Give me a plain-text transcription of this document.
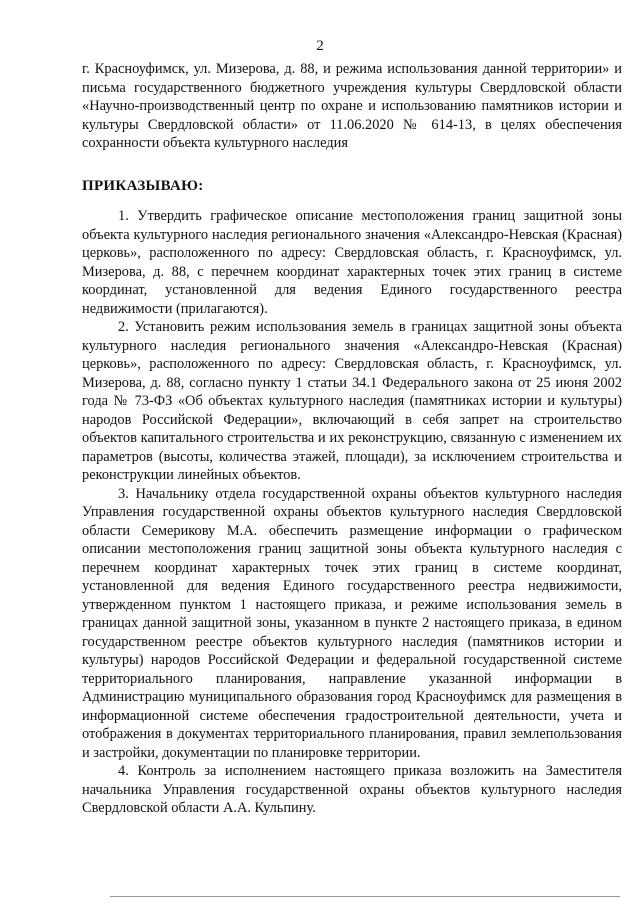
2

г. Красноуфимск, ул. Мизерова, д. 88, и режима использования данной территории» и письма государственного бюджетного учреждения культуры Свердловской области «Научно-производственный центр по охране и использованию памятников истории и культуры Свердловской области» от 11.06.2020 № 614-13, в целях обеспечения сохранности объекта культурного наследия

ПРИКАЗЫВАЮ:

1. Утвердить графическое описание местоположения границ защитной зоны объекта культурного наследия регионального значения «Александро-Невская (Красная) церковь», расположенного по адресу: Свердловская область, г. Красноуфимск, ул. Мизерова, д. 88, с перечнем координат характерных точек этих границ в системе координат, установленной для ведения Единого государственного реестра недвижимости (прилагаются).

2. Установить режим использования земель в границах защитной зоны объекта культурного наследия регионального значения «Александро-Невская (Красная) церковь», расположенного по адресу: Свердловская область, г. Красноуфимск, ул. Мизерова, д. 88, согласно пункту 1 статьи 34.1 Федерального закона от 25 июня 2002 года № 73-ФЗ «Об объектах культурного наследия (памятниках истории и культуры) народов Российской Федерации», включающий в себя запрет на строительство объектов капитального строительства и их реконструкцию, связанную с изменением их параметров (высоты, количества этажей, площади), за исключением строительства и реконструкции линейных объектов.

3. Начальнику отдела государственной охраны объектов культурного наследия Управления государственной охраны объектов культурного наследия Свердловской области Семерикову М.А. обеспечить размещение информации о графическом описании местоположения границ защитной зоны объекта культурного наследия с перечнем координат характерных точек этих границ в системе координат, установленной для ведения Единого государственного реестра недвижимости, утвержденном пунктом 1 настоящего приказа, и режиме использования земель в границах данной защитной зоны, указанном в пункте 2 настоящего приказа, в едином государственном реестре объектов культурного наследия (памятников истории и культуры) народов Российской Федерации и федеральной государственной системе территориального планирования, направление указанной информации в Администрацию муниципального образования город Красноуфимск для размещения в информационной системе обеспечения градостроительной деятельности, учета и отображения в документах территориального планирования, правил землепользования и застройки, документации по планировке территории.

4. Контроль за исполнением настоящего приказа возложить на Заместителя начальника Управления государственной охраны объектов культурного наследия Свердловской области А.А. Кульпину.
